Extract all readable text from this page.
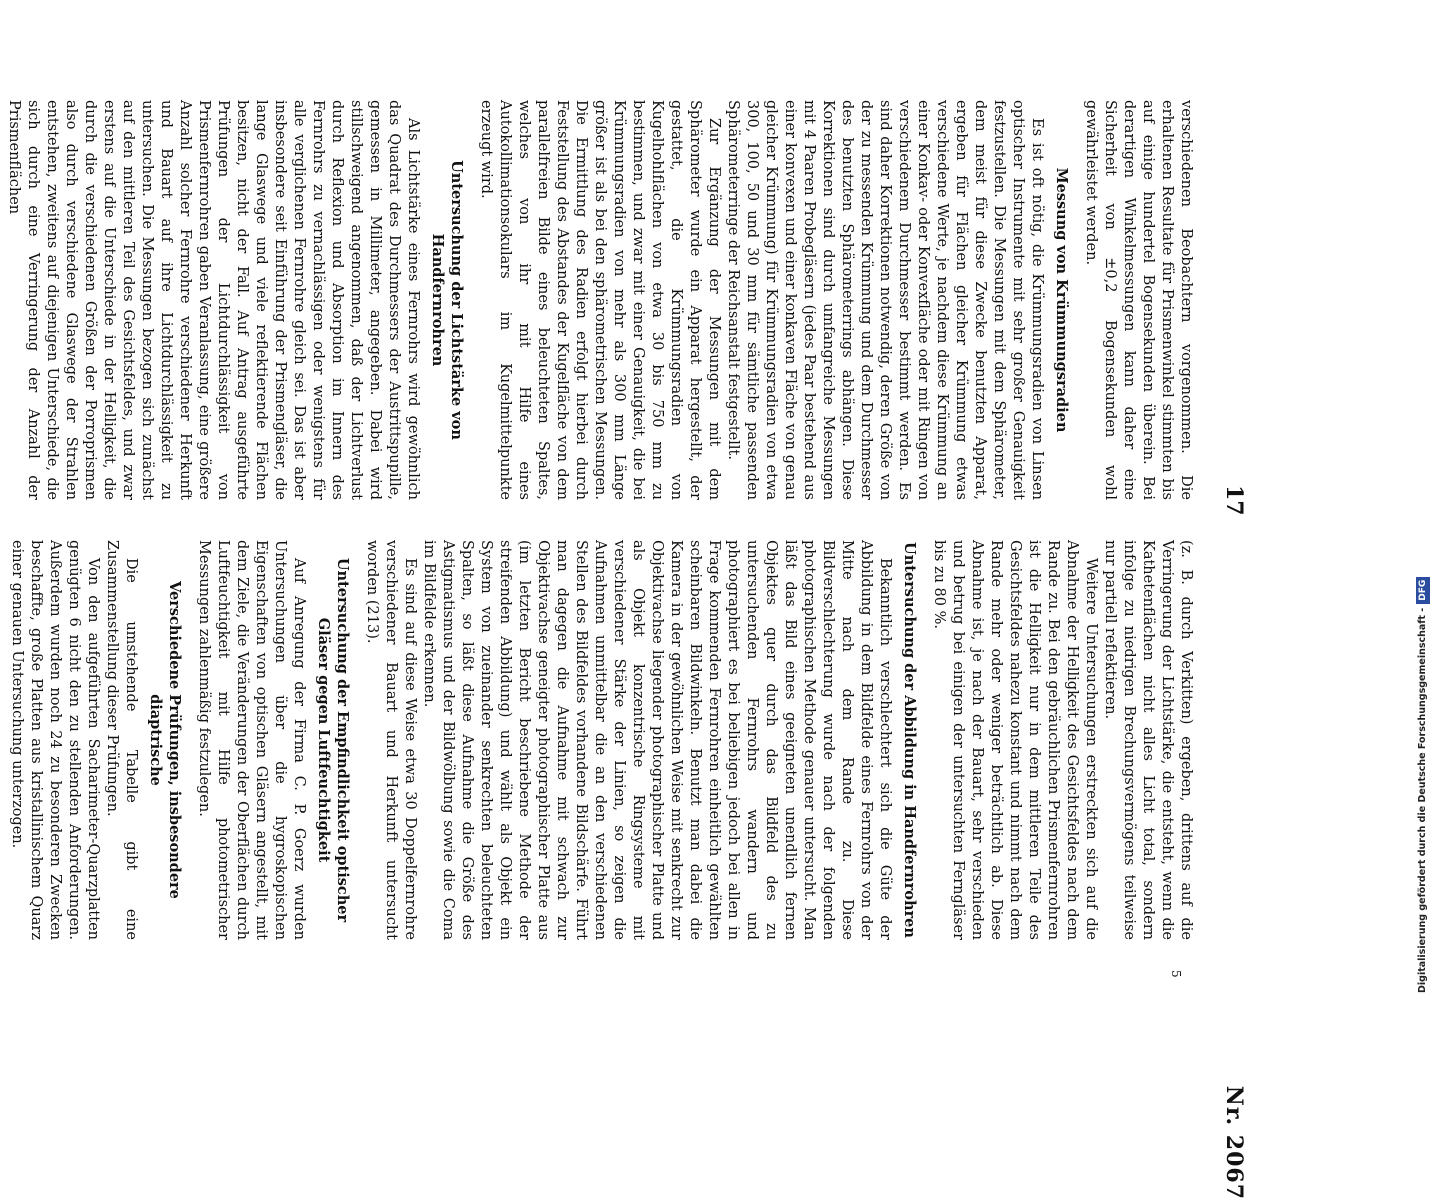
17
Nr. 2067

verschiedenen Beobachtern vorgenommen. Die erhaltenen Resultate für Prismenwinkel stimmten bis auf einige hundertel Bogensekunden überein. Bei derartigen Winkelmessungen kann daher eine Sicherheit von ±0,2 Bogensekunden wohl gewährleistet werden.

Messung von Krümmungsradien

Es ist oft nötig, die Krümmungsradien von Linsen optischer Instrumente mit sehr großer Genauigkeit festzustellen. Die Messungen mit dem Sphärometer, dem meist für diese Zwecke benutzten Apparat, ergeben für Flächen gleicher Krümmung etwas verschiedene Werte, je nachdem diese Krümmung an einer Konkav- oder Konvexfläche oder mit Ringen von verschiedenem Durchmesser bestimmt werden. Es sind daher Korrektionen notwendig, deren Größe von der zu messenden Krümmung und dem Durchmesser des benutzten Sphärometerrings abhängen. Diese Korrektionen sind durch umfangreiche Messungen mit 4 Paaren Probegläsern (jedes Paar bestehend aus einer konvexen und einer konkaven Fläche von genau gleicher Krümmung) für Krümmungsradien von etwa 300, 100, 50 und 30 mm für sämtliche passenden Sphärometerringe der Reichsanstalt festgestellt.

Zur Ergänzung der Messungen mit dem Sphärometer wurde ein Apparat hergestellt, der gestattet, die Krümmungsradien von Kugelhohlflächen von etwa 30 bis 750 mm zu bestimmen, und zwar mit einer Genauigkeit, die bei Krümmungsradien von mehr als 300 mm Länge größer ist als bei den sphärometrischen Messungen. Die Ermittlung des Radien erfolgt hierbei durch Feststellung des Abstandes der Kugelfläche von dem parallelfreien Bilde eines beleuchteten Spaltes, welches von ihr mit Hilfe eines Autokollimationsokulars im Kugelmittelpunkte erzeugt wird.

Untersuchung der Lichtstärke von Handfernrohren

Als Lichtstärke eines Fernrohrs wird gewöhnlich das Quadrat des Durchmessers der Austrittspupille, gemessen in Millimeter, angegeben. Dabei wird stillschweigend angenommen, daß der Lichtverlust durch Reflexion und Absorption im Innern des Fernrohrs zu vernachlässigen oder wenigstens für alle verglichenen Fernrohre gleich sei. Das ist aber insbesondere seit Einführung der Prismengläser, die lange Glaswege und viele reflektierende Flächen besitzen, nicht der Fall. Auf Antrag ausgeführte Prüfungen der Lichtdurchlässigkeit von Prismenfernrohren gaben Veranlassung, eine größere Anzahl solcher Fernrohre verschiedener Herkunft und Bauart auf ihre Lichtdurchlässigkeit zu untersuchen. Die Messungen bezogen sich zunächst auf den mittleren Teil des Gesichtsfeldes, und zwar erstens auf die Unterschiede in der Helligkeit, die durch die verschiedenen Größen der Porroprismen also durch verschiedene Glaswege der Strahlen entstehen, zweitens auf diejenigen Unterschiede, die sich durch eine Verringerung der Anzahl der Prismenflächen

(z. B. durch Verkitten) ergeben, drittens auf die Verringerung der Lichtstärke, die entsteht, wenn die Kathetenflächen nicht alles Licht total, sondern infolge zu niedrigen Brechungsvermögens teilweise nur partiell reflektieren.

Weitere Untersuchungen erstreckten sich auf die Abnahme der Helligkeit des Gesichtsfeldes nach dem Rande zu. Bei den gebräuchlichen Prismenfernrohren ist die Helligkeit nur in dem mittleren Teile des Gesichtsfeldes nahezu konstant und nimmt nach dem Rande mehr oder weniger beträchtlich ab. Diese Abnahme ist, je nach der Bauart, sehr verschieden und betrug bei einigen der untersuchten Ferngläser bis zu 80 %.

Untersuchung der Abbildung in Handfernrohren

Bekanntlich verschlechtert sich die Güte der Abbildung in dem Bildfelde eines Fernrohrs von der Mitte nach dem Rande zu. Diese Bildverschlechterung wurde nach der folgenden photographischen Methode genauer untersucht. Man läßt das Bild eines geeigneten unendlich fernen Objektes quer durch das Bildfeld des zu untersuchenden Fernrohrs wandern und photographiert es bei beliebigen jedoch bei allen in Frage kommenden Fernrohren einheitlich gewählten scheinbaren Bildwinkeln. Benutzt man dabei die Kamera in der gewöhnlichen Weise mit senkrecht zur Objektivachse liegender photographischer Platte und als Objekt konzentrische Ringsysteme mit verschiedener Stärke der Linien, so zeigen die Aufnahmen unmittelbar die an den verschiedenen Stellen des Bildfeldes vorhandene Bildschärfe. Führt man dagegen die Aufnahme mit schwach zur Objektivachse geneigter photographischer Platte aus (im letzten Bericht beschriebene Methode der streifenden Abbildung) und wählt als Objekt ein System von zueinander senkrechten beleuchteten Spalten, so läßt diese Aufnahme die Größe des Astigmatismus und der Bildwölbung sowie die Coma im Bildfelde erkennen.

Es sind auf diese Weise etwa 30 Doppelfernrohre verschiedener Bauart und Herkunft untersucht worden (213).

Untersuchung der Empfindlichkeit optischer Gläser gegen Luftfeuchtigkeit

Auf Anregung der Firma C. P. Goerz wurden Untersuchungen über die hygroskopischen Eigenschaften von optischen Gläsern angestellt, mit dem Ziele, die Veränderungen der Oberflächen durch Luftfeuchtigkeit mit Hilfe photometrischer Messungen zahlenmäßig festzulegen.

Verschiedene Prüfungen, insbesondere diaptrische

Die umstehende Tabelle gibt eine Zusammenstellung dieser Prüfungen.

Von den aufgeführten Sacharimeter-Quarzplatten genügten 6 nicht den zu stellenden Anforderungen. Außerdem wurden noch 24 zu besonderen Zwecken beschaffte, große Platten aus kristallinischem Quarz einer genauen Untersuchung unterzogen.

5	Digitalisierung gefördert durch die Deutsche Forschungsgemeinschaft -DFG
